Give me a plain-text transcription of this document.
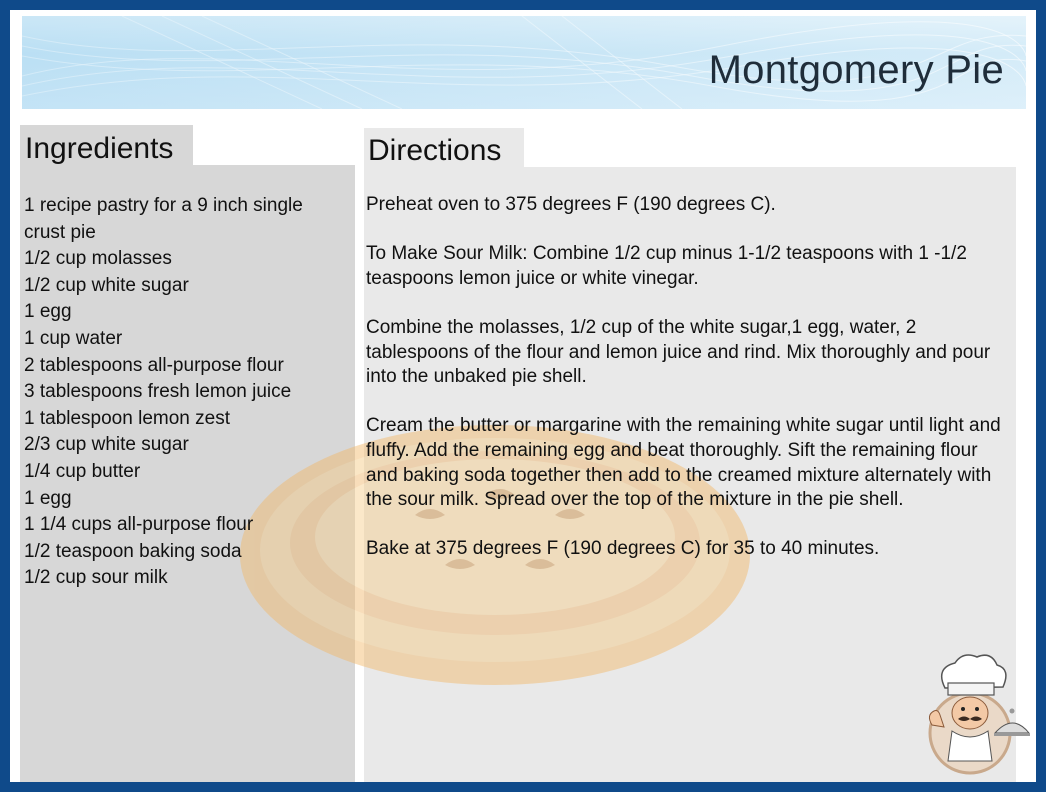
Montgomery Pie
Ingredients	Directions
1 recipe pastry for a 9 inch single crust pie
1/2 cup molasses
1/2 cup white sugar
1 egg
1 cup water
2 tablespoons all-purpose flour
3 tablespoons fresh lemon juice
1 tablespoon lemon zest
2/3 cup white sugar
1/4 cup butter
1 egg
1 1/4 cups all-purpose flour
1/2 teaspoon baking soda
1/2 cup sour milk

Preheat oven to 375 degrees F (190 degrees C).

To Make Sour Milk: Combine 1/2 cup minus 1-1/2 teaspoons with 1 -1/2 teaspoons lemon juice or white vinegar.

Combine the molasses, 1/2 cup of the white sugar,1 egg, water, 2 tablespoons of the flour and lemon juice and rind. Mix thoroughly and pour into the unbaked pie shell.

Cream the butter or margarine with the remaining white sugar until light and fluffy. Add the remaining egg and beat thoroughly. Sift the remaining flour and baking soda together then add to the creamed mixture alternately with the sour milk. Spread over the top of the mixture in the pie shell.

Bake at 375 degrees F (190 degrees C) for 35 to 40 minutes.
